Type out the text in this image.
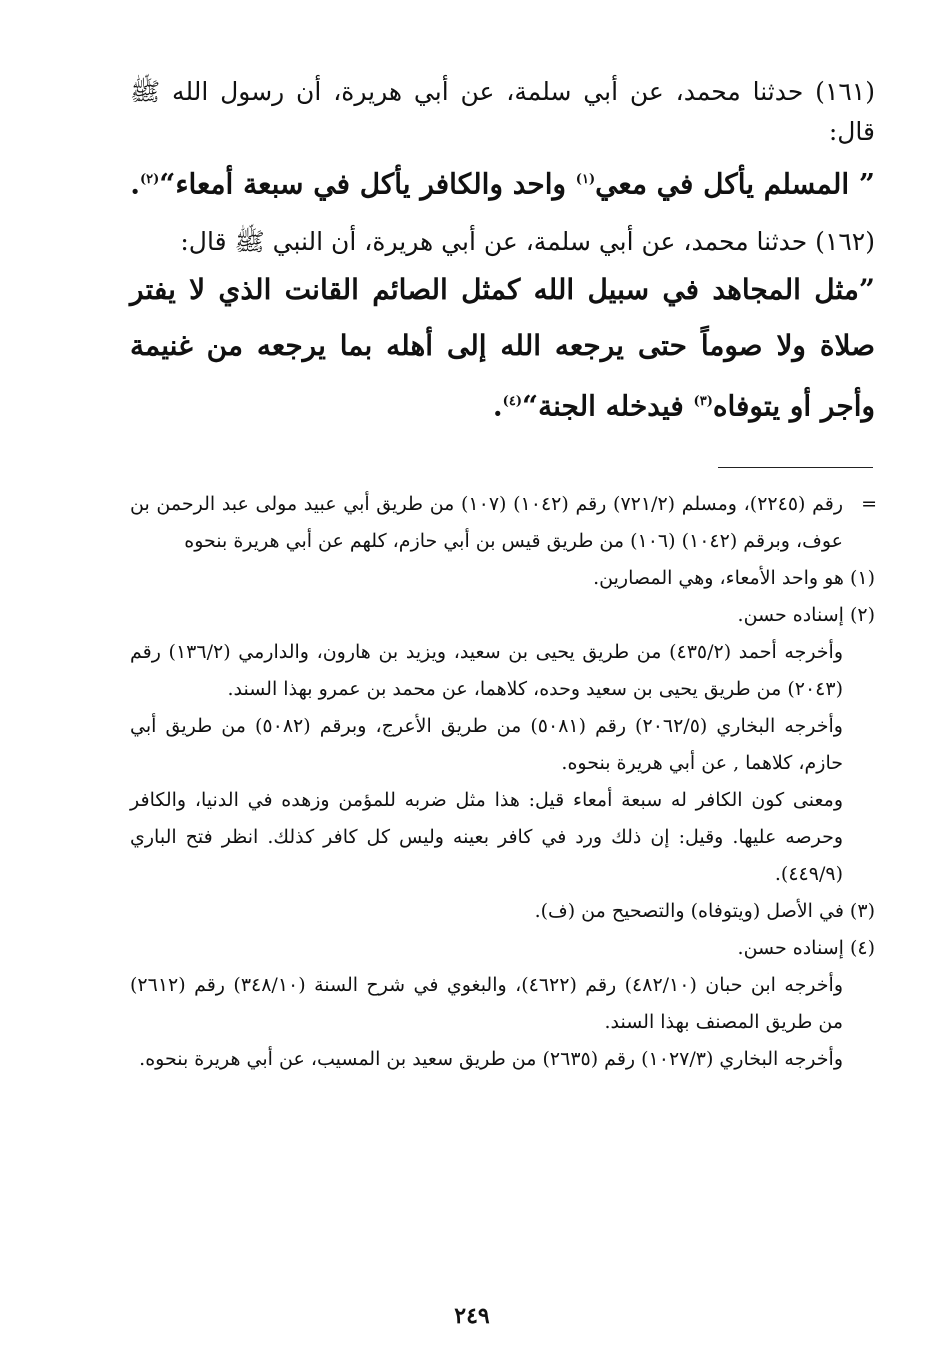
(١٦١) حدثنا محمد، عن أبي سلمة، عن أبي هريرة، أن رسول الله ﷺ قال:

” المسلم يأكل في معي$^{(١)}$ واحد والكافر يأكل في سبعة أمعاء“$^{(٢)}$.

(١٦٢) حدثنا محمد، عن أبي سلمة، عن أبي هريرة، أن النبي ﷺ قال:

”مثل المجاهد في سبيل الله كمثل الصائم القانت الذي لا يفتر صلاة ولا صوماً حتى يرجعه الله إلى أهله بما يرجعه من غنيمة وأجر أو يتوفاه$^{(٣)}$ فيدخله الجنة“$^{(٤)}$.

=
رقم (٢٢٤٥)، ومسلم (٧٢١/٢) رقم (١٠٤٢) (١٠٧) من طريق أبي عبيد مولى عبد الرحمن بن عوف، وبرقم (١٠٤٢) (١٠٦) من طريق قيس بن أبي حازم، كلهم عن أبي هريرة بنحوه

(١) هو واحد الأمعاء، وهي المصارين.

(٢) إسناده حسن.

وأخرجه أحمد (٤٣٥/٢) من طريق يحيى بن سعيد، ويزيد بن هارون، والدارمي (١٣٦/٢) رقم (٢٠٤٣) من طريق يحيى بن سعيد وحده، كلاهما، عن محمد بن عمرو بهذا السند.

وأخرجه البخاري (٢٠٦٢/٥) رقم (٥٠٨١) من طريق الأعرج، وبرقم (٥٠٨٢) من طريق أبي حازم، كلاهما , عن أبي هريرة بنحوه.

ومعنى كون الكافر له سبعة أمعاء قيل: هذا مثل ضربه للمؤمن وزهده في الدنيا، والكافر وحرصه عليها. وقيل: إن ذلك ورد في كافر بعينه وليس كل كافر كذلك. انظر فتح الباري (٤٤٩/٩).

(٣) في الأصل (ويتوفاه) والتصحيح من (ف).

(٤) إسناده حسن.

وأخرجه ابن حبان (٤٨٢/١٠) رقم (٤٦٢٢)، والبغوي في شرح السنة (٣٤٨/١٠) رقم (٢٦١٢) من طريق المصنف بهذا السند.

وأخرجه البخاري (١٠٢٧/٣) رقم (٢٦٣٥) من طريق سعيد بن المسيب، عن أبي هريرة بنحوه.

٢٤٩
